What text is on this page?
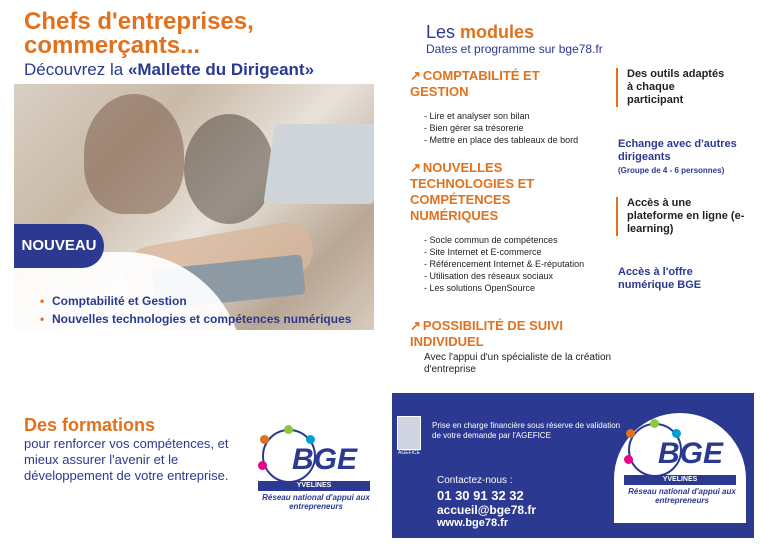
Chefs d'entreprises,
commerçants...
Découvrez la «Mallette du Dirigeant»
NOUVEAU
• Comptabilité et Gestion
• Nouvelles technologies et compétences numériques
Des formations
pour renforcer vos compétences, et mieux assurer l'avenir et le développement de votre entreprise.	BGE
YVELINES
Réseau national d'appui aux entrepreneurs
Les modules
Dates et programme sur bge78.fr
↗ COMPTABILITÉ ET GESTION
- Lire et analyser son bilan
- Bien gérer sa trésorerie
- Mettre en place des tableaux de bord
↗ NOUVELLES TECHNOLOGIES ET COMPÉTENCES NUMÉRIQUES
- Socle commun de compétences
- Site Internet et E-commerce
- Référencement Internet & E-réputation
- Utilisation des réseaux sociaux
- Les solutions OpenSource
↗ POSSIBILITÉ DE SUIVI INDIVIDUEL
Avec l'appui d'un spécialiste de la création d'entreprise
Des outils adaptés à chaque participant
Echange avec d'autres dirigeants
(Groupe de 4 - 6 personnes)
Accès à une plateforme en ligne (e-learning)
Accès à l'offre numérique BGE
AGEFICE
Prise en charge financière sous réserve de validation de votre demande par l'AGEFICE
Contactez-nous :
01 30 91 32 32
accueil@bge78.fr
www.bge78.fr
BGE
YVELINES
Réseau national d'appui aux entrepreneurs
